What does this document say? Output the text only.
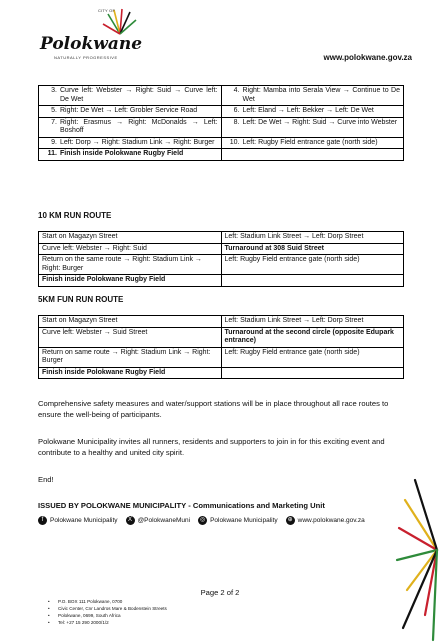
CITY OF
Polokwane
NATURALLY PROGRESSIVE	www.polokwane.gov.za
3. Curve left: Webster → Right: Suid → Curve left: De Wet	4. Right: Mamba into Serala View → Continue to De Wet

5. Right: De Wet → Left: Grobler Service Road	6. Left: Eland → Left: Bekker → Left: De Wet

7. Right: Erasmus → Right: McDonalds → Left: Boshoff	8. Left: De Wet → Right: Suid → Curve into Webster

9. Left: Dorp → Right: Stadium Link → Right: Burger	10. Left: Rugby Field entrance gate (north side)

11. Finish inside Polokwane Rugby Field	

10 KM RUN ROUTE
Start on Magazyn Street	Left: Stadium Link Street → Left: Dorp Street
Curve left: Webster → Right: Suid	Turnaround at 308 Suid Street
Return on the same route → Right: Stadium Link → Right: Burger	Left: Rugby Field entrance gate (north side)
Finish inside Polokwane Rugby Field	
5KM FUN RUN ROUTE
Start on Magazyn Street	Left: Stadium Link Street → Left: Dorp Street
Curve left: Webster → Suid Street	Turnaround at the second circle (opposite Edupark entrance)
Return on same route → Right: Stadium Link → Right: Burger	Left: Rugby Field entrance gate (north side)
Finish inside Polokwane Rugby Field	
Comprehensive safety measures and water/support stations will be in place throughout all race routes to ensure the well-being of participants.
Polokwane Municipality invites all runners, residents and supporters to join in for this exciting event and contribute to a healthy and united city spirit.
End!
ISSUED BY POLOKWANE MUNICIPALITY - Communications and Marketing Unit
f	Polokwane Municipality	X @PolokwaneMuni	◎ Polokwane Municipality	⊕ www.polokwane.gov.za
Page 2 of 2
• P.O. BOX 111 Polokwane, 0700
• Civic Center, Cnr Landros Mare & Bodenstein Streets
• Polokwane, 0699, South Africa
• Tel: +27 15 290 2000/1/2
